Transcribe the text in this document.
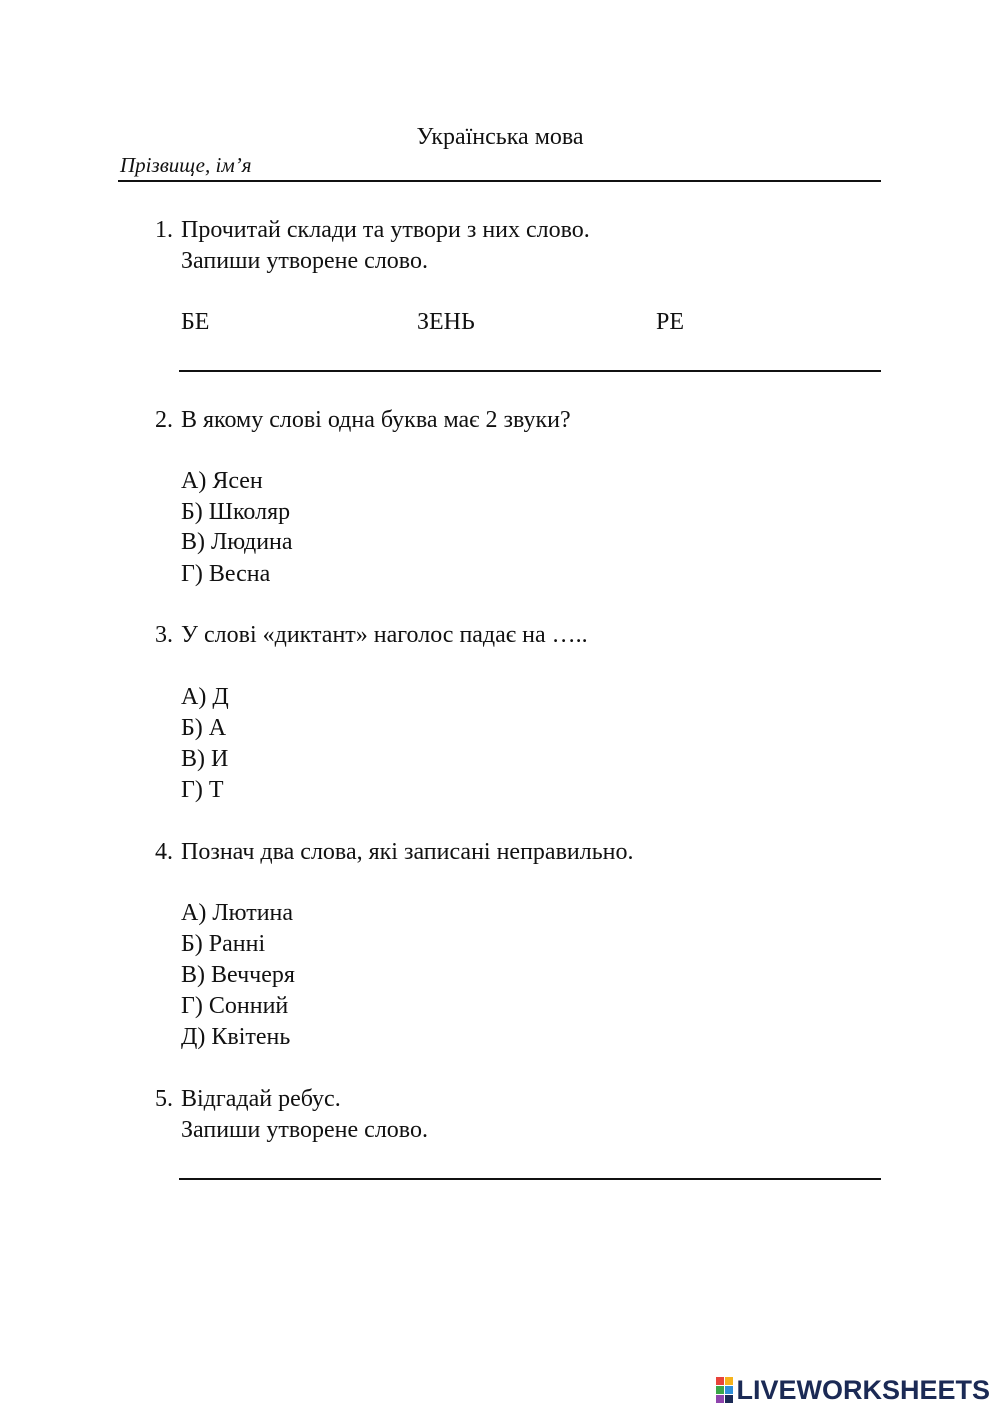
Українська мова
Прізвище, ім’я
1. Прочитай склади та утвори з них слово.
Запиши утворене слово.
БЕ	ЗЕНЬ	РЕ
2. В якому слові одна буква має 2 звуки?
А) Ясен
Б) Школяр
В) Людина
Г) Весна
3. У слові «диктант» наголос падає на …..
А) Д
Б) А
В) И
Г) Т
4. Познач два слова, які записані неправильно.
А) Лютина
Б) Ранні
В) Веччеря
Г) Сонний
Д) Квітень
5. Відгадай ребус.
Запиши утворене слово.
LIVEWORKSHEETS
